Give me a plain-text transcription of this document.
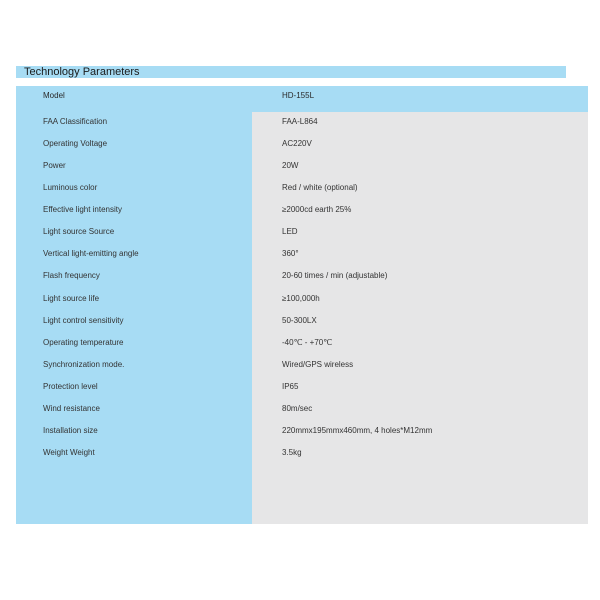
Technology Parameters
Model	HD-155L
FAA Classification	FAA-L864
Operating Voltage	AC220V
Power	20W
Luminous color	Red / white (optional)
Effective light intensity	≥2000cd earth 25%
Light source Source	LED
Vertical light-emitting angle	360°
Flash frequency	20-60 times / min (adjustable)
Light source life	≥100,000h
Light control sensitivity	50-300LX
Operating temperature	-40℃ - +70℃
Synchronization mode.	Wired/GPS wireless
Protection level	IP65
Wind resistance	80m/sec
Installation size	220mmx195mmx460mm, 4 holes*M12mm
Weight Weight	3.5kg
